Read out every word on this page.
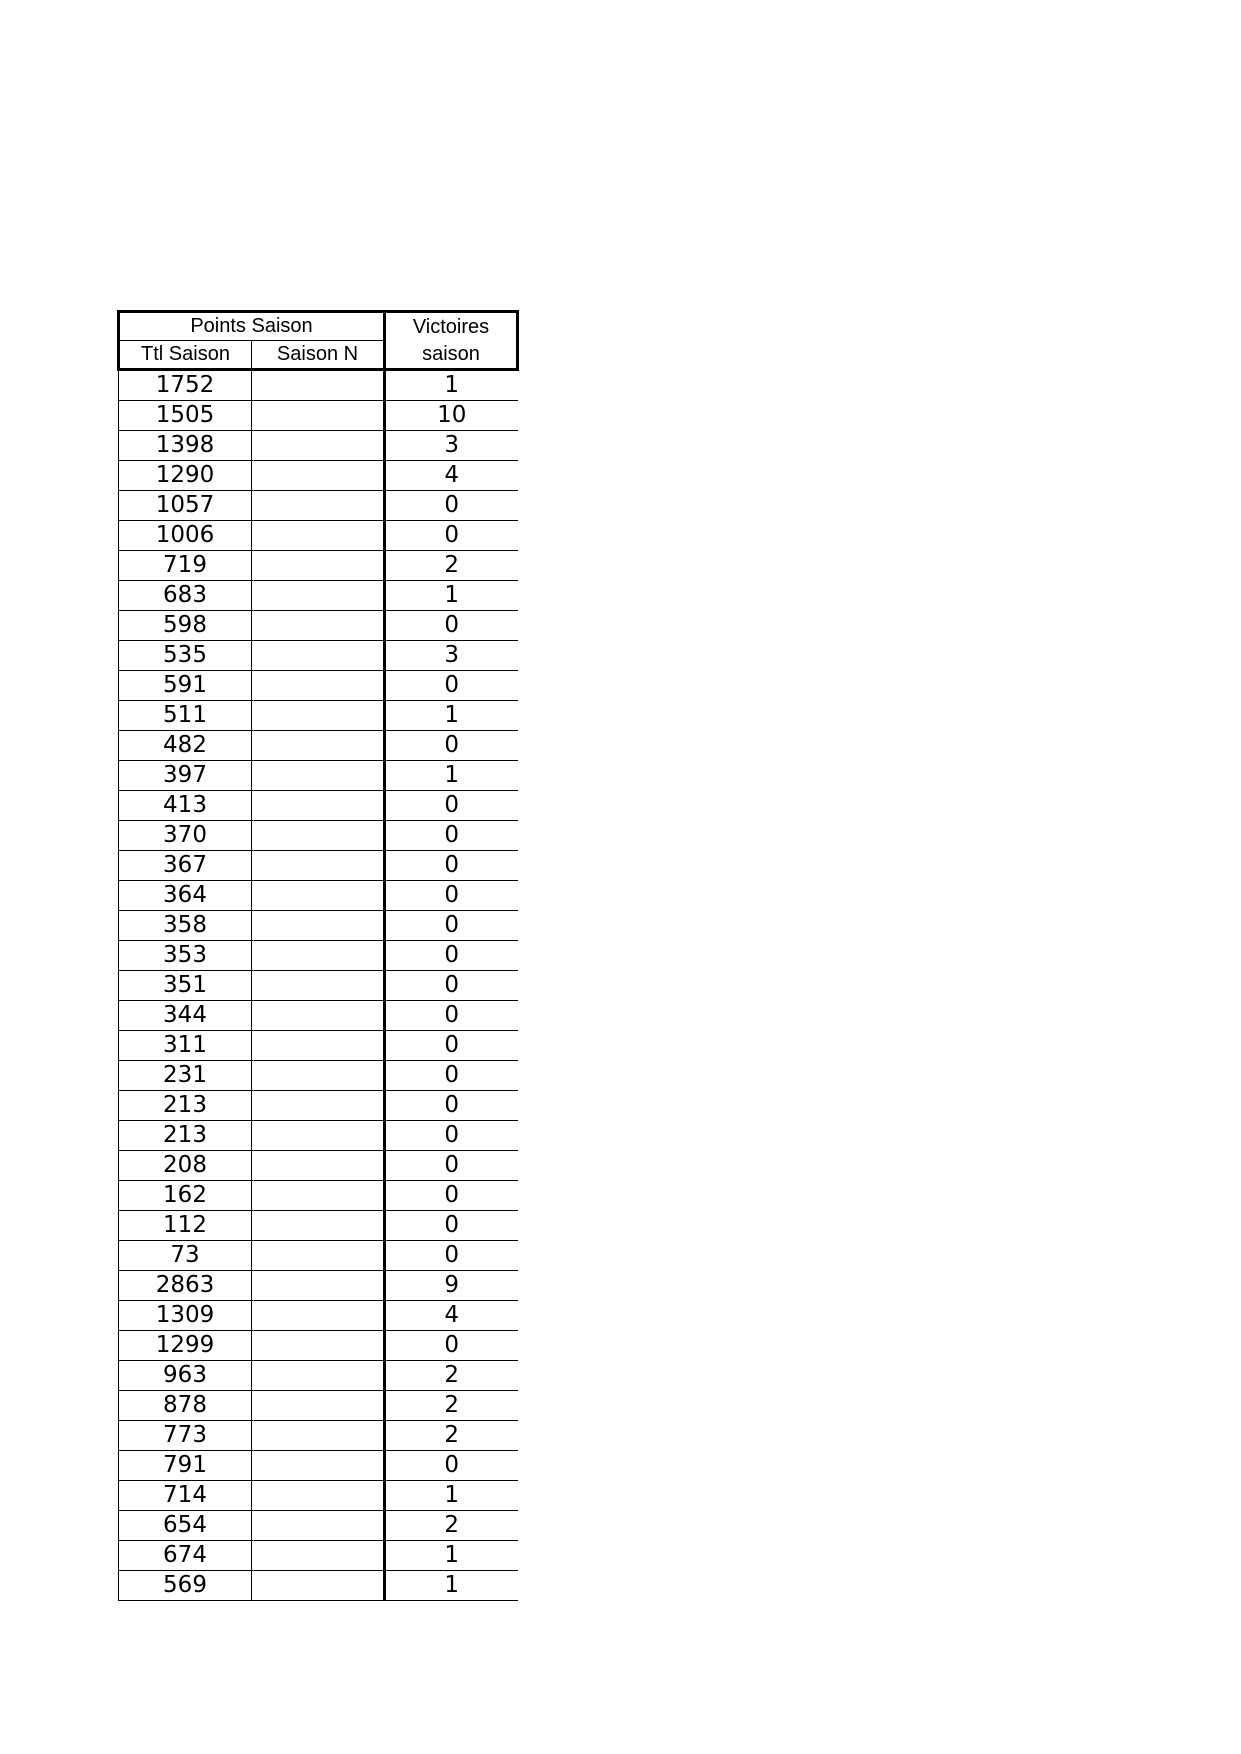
Points Saison		Victoires
saison

Ttl Saison	Saison N	
1752		1
1505		10
1398		3
1290		4
1057		0
1006		0
719		2
683		1
598		0
535		3
591		0
511		1
482		0
397		1
413		0
370		0
367		0
364		0
358		0
353		0
351		0
344		0
311		0
231		0
213		0
213		0
208		0
162		0
112		0
73		0
2863		9
1309		4
1299		0
963		2
878		2
773		2
791		0
714		1
654		2
674		1
569		1
